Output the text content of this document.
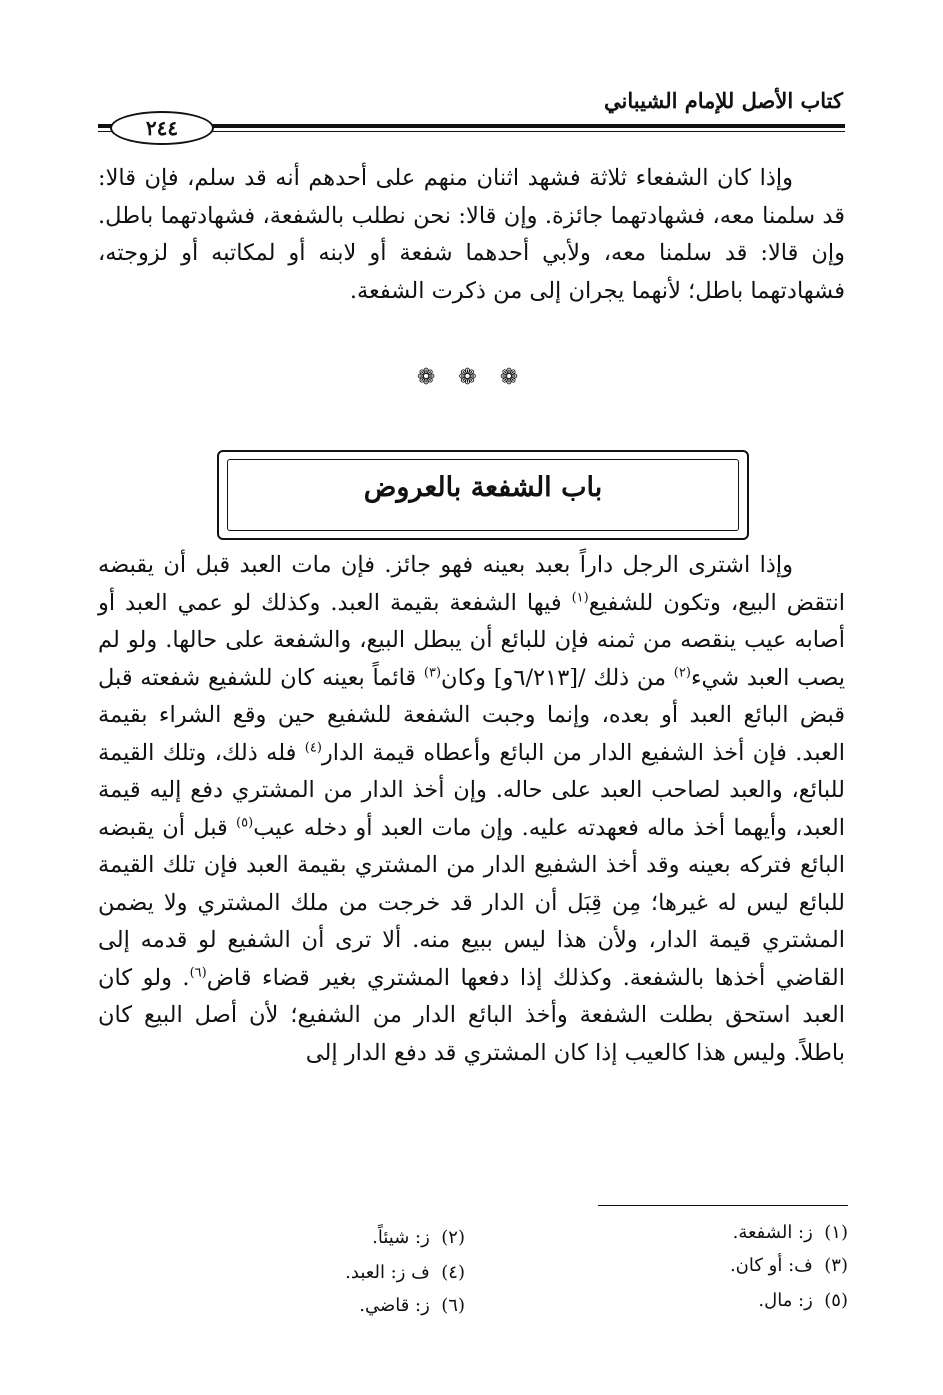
كتاب الأصل للإمام الشيباني
٢٤٤

وإذا كان الشفعاء ثلاثة فشهد اثنان منهم على أحدهم أنه قد سلم، فإن قالا: قد سلمنا معه، فشهادتهما جائزة. وإن قالا: نحن نطلب بالشفعة، فشهادتهما باطل. وإن قالا: قد سلمنا معه، ولأبي أحدهما شفعة أو لابنه أو لمكاتبه أو لزوجته، فشهادتهما باطل؛ لأنهما يجران إلى من ذكرت الشفعة.

❁ ❁ ❁
باب الشفعة بالعروض

وإذا اشترى الرجل داراً بعبد بعينه فهو جائز. فإن مات العبد قبل أن يقبضه انتقض البيع، وتكون للشفيع$^{(١)}$ فيها الشفعة بقيمة العبد. وكذلك لو عمي العبد أو أصابه عيب ينقصه من ثمنه فإن للبائع أن يبطل البيع، والشفعة على حالها. ولو لم يصب العبد شيء$^{(٢)}$ من ذلك /[٦/٢١٣و] وكان$^{(٣)}$ قائماً بعينه كان للشفيع شفعته قبل قبض البائع العبد أو بعده، وإنما وجبت الشفعة للشفيع حين وقع الشراء بقيمة العبد. فإن أخذ الشفيع الدار من البائع وأعطاه قيمة الدار$^{(٤)}$ فله ذلك، وتلك القيمة للبائع، والعبد لصاحب العبد على حاله. وإن أخذ الدار من المشتري دفع إليه قيمة العبد، وأيهما أخذ ماله فعهدته عليه. وإن مات العبد أو دخله عيب$^{(٥)}$ قبل أن يقبضه البائع فتركه بعينه وقد أخذ الشفيع الدار من المشتري بقيمة العبد فإن تلك القيمة للبائع ليس له غيرها؛ مِن قِبَل أن الدار قد خرجت من ملك المشتري ولا يضمن المشتري قيمة الدار، ولأن هذا ليس ببيع منه. ألا ترى أن الشفيع لو قدمه إلى القاضي أخذها بالشفعة. وكذلك إذا دفعها المشتري بغير قضاء قاض$^{(٦)}$. ولو كان العبد استحق بطلت الشفعة وأخذ البائع الدار من الشفيع؛ لأن أصل البيع كان باطلاً. وليس هذا كالعيب إذا كان المشتري قد دفع الدار إلى

(١)  ز: الشفعة.
(٢)  ز: شيئاً.
(٣)  ف: أو كان.
(٤)  ف ز: العبد.
(٥)  ز: مال.
(٦)  ز: قاضي.
